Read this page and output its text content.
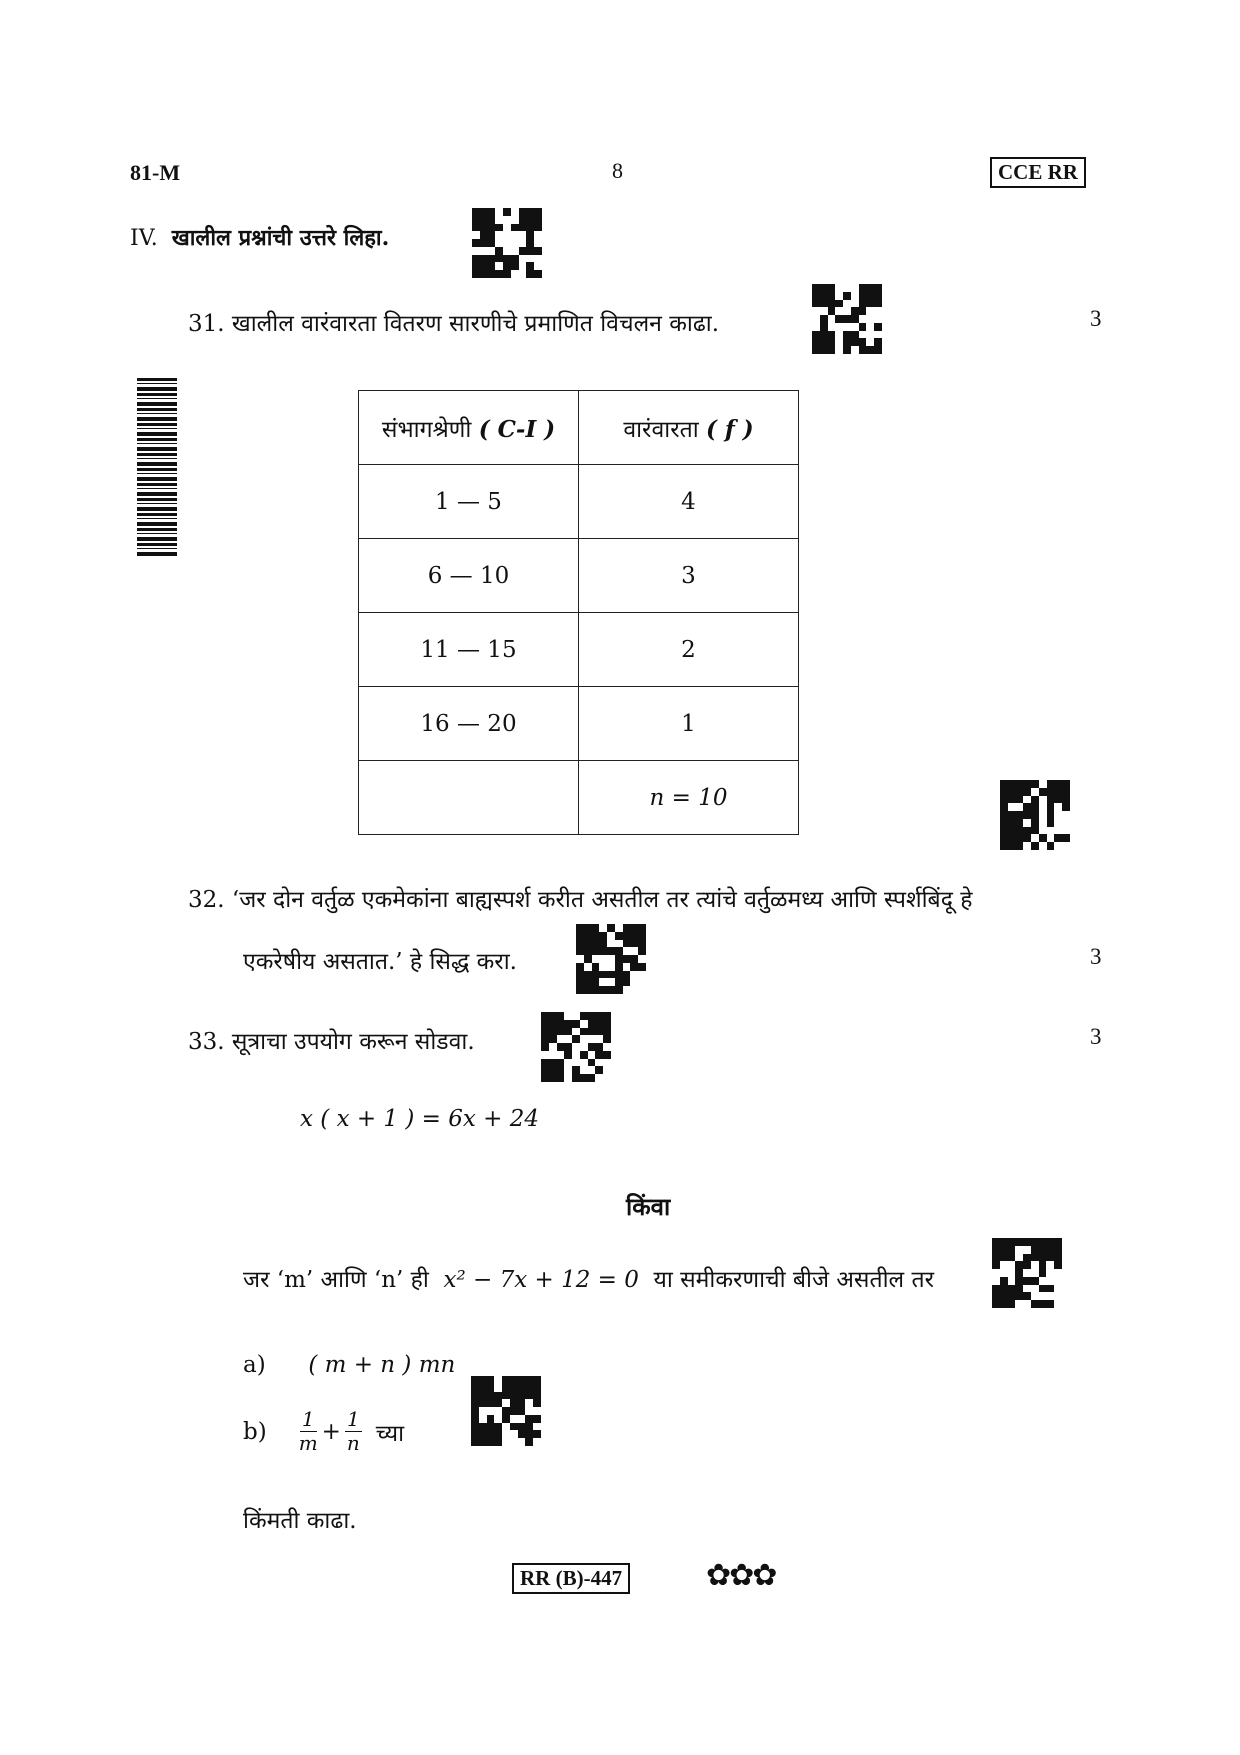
81-M	8	CCE RR
IV. खालील प्रश्नांची उत्तरे लिहा.
31. खालील वारंवारता वितरण सारणीचे प्रमाणित विचलन काढा.	3
संभागश्रेणी ( C-I )	वारंवारता ( f )
1 — 5	4
6 — 10	3
11 — 15	2
16 — 20	1
	n = 10
32. ‘जर दोन वर्तुळ एकमेकांना बाह्यस्पर्श करीत असतील तर त्यांचे वर्तुळमध्य आणि स्पर्शबिंदू हे
एकरेषीय असतात.’ हे सिद्ध करा.	3
33. सूत्राचा उपयोग करून सोडवा.	3
x ( x + 1 ) = 6x + 24
किंवा
जर ‘m’ आणि ‘n’ ही x² − 7x + 12 = 0 या समीकरणाची बीजे असतील तर
a) ( m + n ) mn
$b) \frac{1}{m} + \frac{1}{n}$ च्या
किंमती काढा.
RR (B)-447	✿✿✿
